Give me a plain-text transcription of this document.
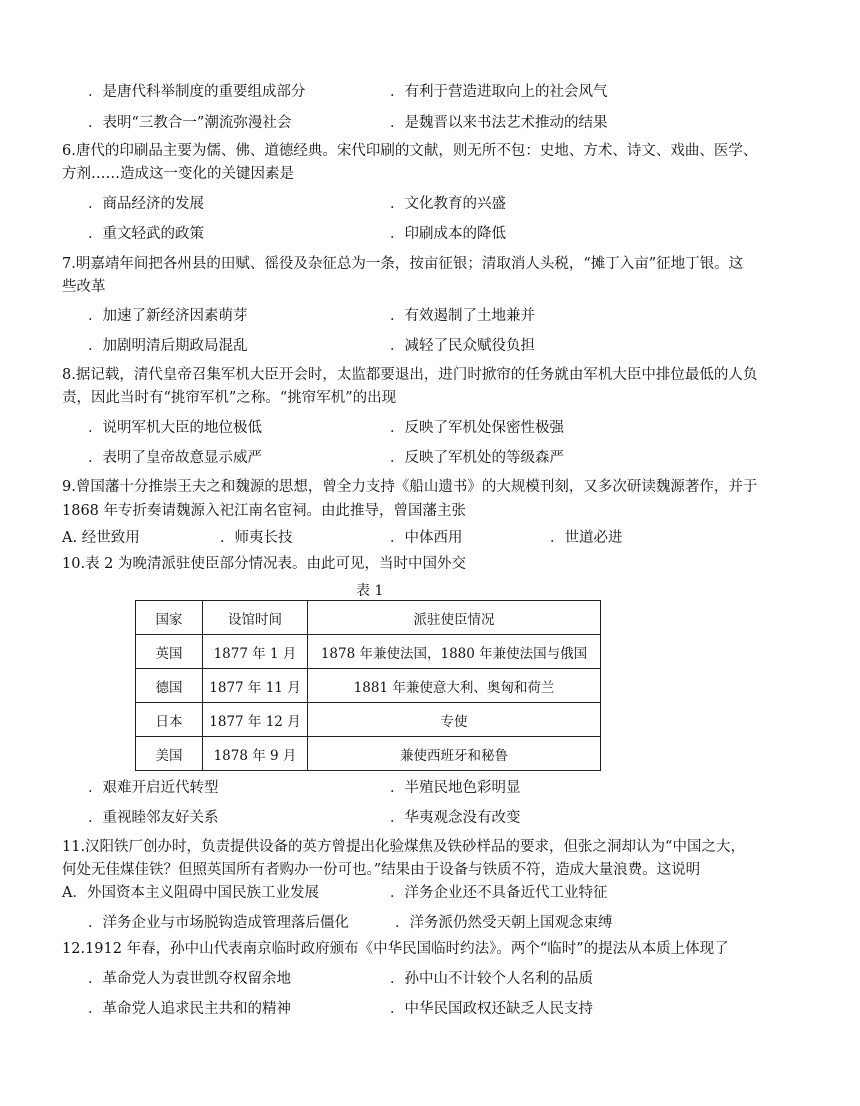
．是唐代科举制度的重要组成部分	．有利于营造进取向上的社会风气
．表明“三教合一”潮流弥漫社会	．是魏晋以来书法艺术推动的结果
6.唐代的印刷品主要为儒、佛、道德经典。宋代印刷的文献，则无所不包：史地、方术、诗文、戏曲、医学、
方剂……造成这一变化的关键因素是
．商品经济的发展	．文化教育的兴盛
．重文轻武的政策	．印刷成本的降低
7.明嘉靖年间把各州县的田赋、徭役及杂征总为一条，按亩征银；清取消人头税，“摊丁入亩”征地丁银。这
些改革
．加速了新经济因素萌芽	．有效遏制了土地兼并
．加剧明清后期政局混乱	．减轻了民众赋役负担
8.据记载，清代皇帝召集军机大臣开会时，太监都要退出，进门时掀帘的任务就由军机大臣中排位最低的人负
责，因此当时有“挑帘军机”之称。“挑帘军机”的出现
．说明军机大臣的地位极低	．反映了军机处保密性极强
．表明了皇帝故意显示威严	．反映了军机处的等级森严
9.曾国藩十分推崇王夫之和魏源的思想，曾全力支持《船山遗书》的大规模刊刻，又多次研读魏源著作，并于
1868 年专折奏请魏源入祀江南名宦祠。由此推导，曾国藩主张
A. 经世致用	．师夷长技	．中体西用	．世道必进
10.表 2 为晚清派驻使臣部分情况表。由此可见，当时中国外交
表 1
国家	设馆时间	派驻使臣情况
英国	1877 年 1 月	1878 年兼使法国，1880 年兼使法国与俄国
德国	1877 年 11 月	1881 年兼使意大利、奥匈和荷兰
日本	1877 年 12 月	专使
美国	1878 年 9 月	兼使西班牙和秘鲁
．艰难开启近代转型	．半殖民地色彩明显
．重视睦邻友好关系	．华夷观念没有改变
11.汉阳铁厂创办时，负责提供设备的英方曾提出化验煤焦及铁砂样品的要求，但张之洞却认为“中国之大，
何处无佳煤佳铁？但照英国所有者购办一份可也。”结果由于设备与铁质不符，造成大量浪费。这说明
A．外国资本主义阻碍中国民族工业发展	．洋务企业还不具备近代工业特征
．洋务企业与市场脱钩造成管理落后僵化	．洋务派仍然受天朝上国观念束缚
12.1912 年春，孙中山代表南京临时政府颁布《中华民国临时约法》。两个“临时”的提法从本质上体现了
．革命党人为袁世凯夺权留余地	．孙中山不计较个人名利的品质
．革命党人追求民主共和的精神	．中华民国政权还缺乏人民支持
